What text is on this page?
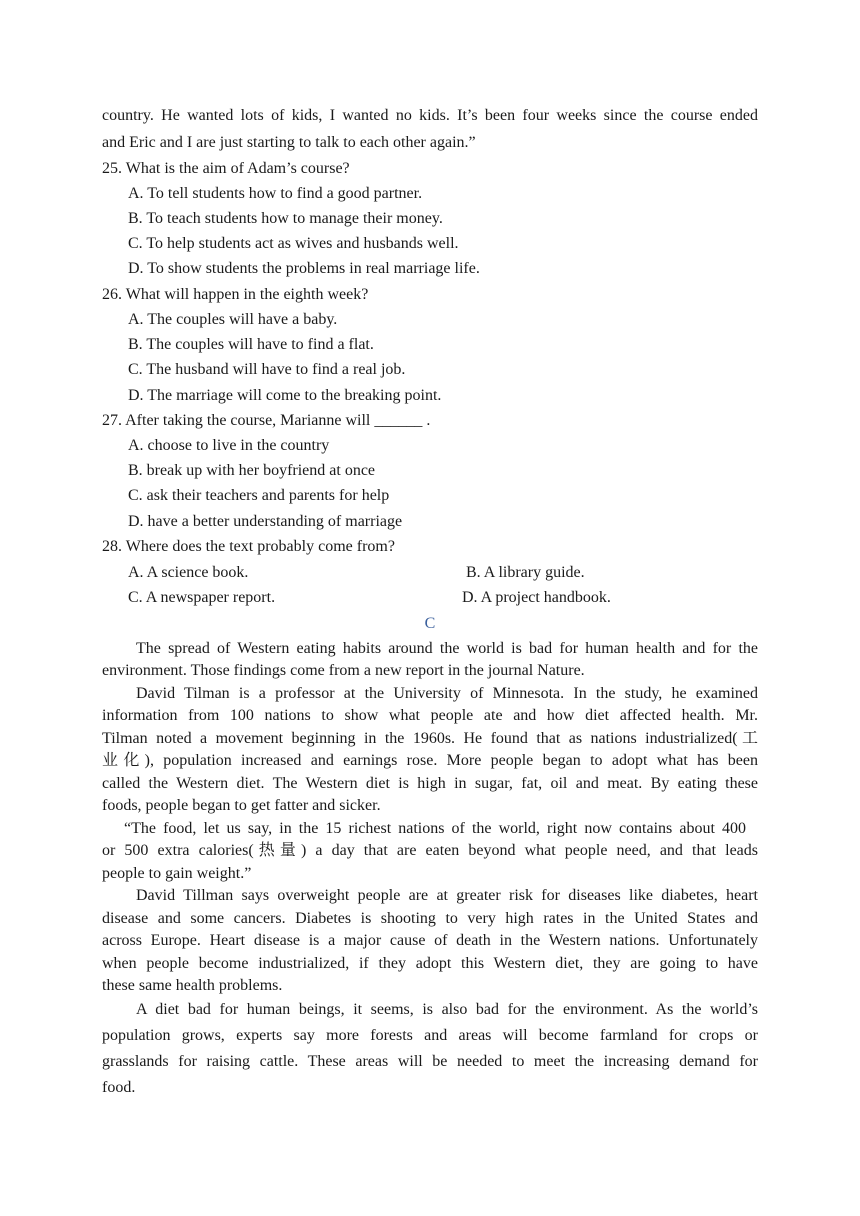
country. He wanted lots of kids, I wanted no kids. It’s been four weeks since the course ended
and Eric and I are just starting to talk to each other again.”
25. What is the aim of Adam’s course?
A. To tell students how to find a good partner.
B. To teach students how to manage their money.
C. To help students act as wives and husbands well.
D. To show students the problems in real marriage life.
26. What will happen in the eighth week?
A. The couples will have a baby.
B. The couples will have to find a flat.
C. The husband will have to find a real job.
D. The marriage will come to the breaking point.
27. After taking the course, Marianne will ______ .
A. choose to live in the country
B. break up with her boyfriend at once
C. ask their teachers and parents for help
D. have a better understanding of marriage
28. Where does the text probably come from?
A. A science book.	B. A library guide.
C. A newspaper report.	D. A project handbook.
C
The spread of Western eating habits around the world is bad for human health and for the
environment. Those findings come from a new report in the journal Nature.
David Tilman is a professor at the University of Minnesota. In the study, he examined
information from 100 nations to show what people ate and how diet affected health. Mr.
Tilman noted a movement beginning in the 1960s. He found that as nations industrialized(工
业化), population increased and earnings rose. More people began to adopt what has been
called the Western diet. The Western diet is high in sugar, fat, oil and meat. By eating these
foods, people began to get fatter and sicker.
“The food, let us say, in the 15 richest nations of the world, right now contains about 400
or 500 extra calories(热量) a day that are eaten beyond what people need, and that leads
people to gain weight.”
David Tillman says overweight people are at greater risk for diseases like diabetes, heart
disease and some cancers. Diabetes is shooting to very high rates in the United States and
across Europe. Heart disease is a major cause of death in the Western nations. Unfortunately
when people become industrialized, if they adopt this Western diet, they are going to have
these same health problems.
A diet bad for human beings, it seems, is also bad for the environment. As the world’s
population grows, experts say more forests and areas will become farmland for crops or
grasslands for raising cattle. These areas will be needed to meet the increasing demand for
food.
